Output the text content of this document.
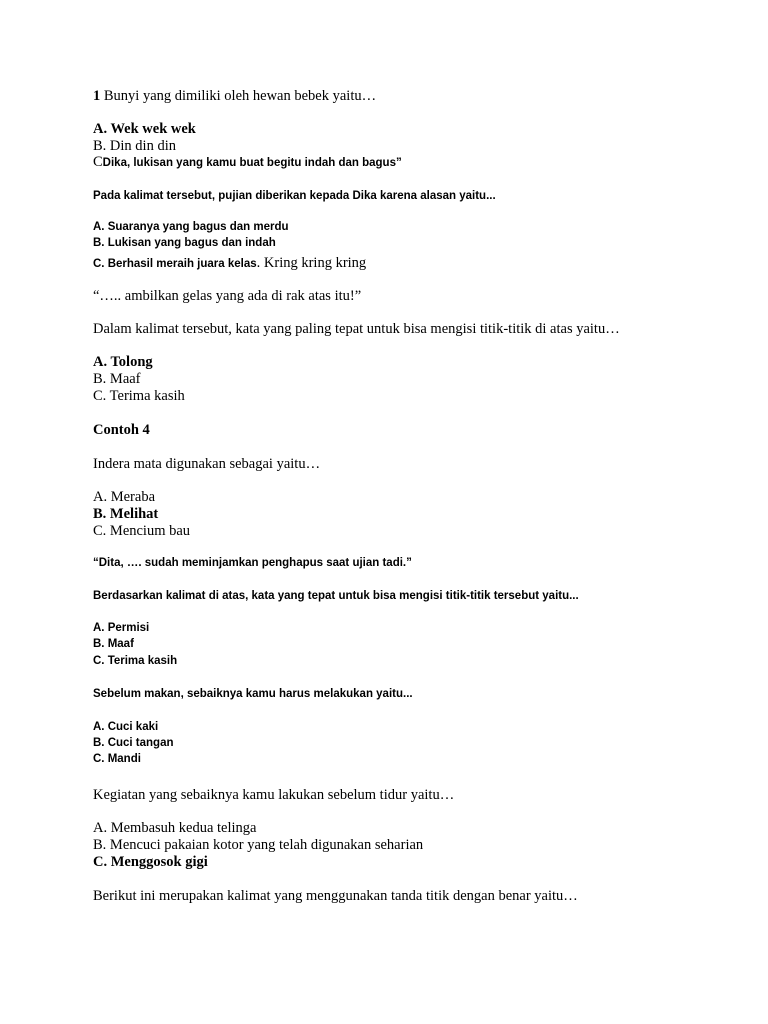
1 Bunyi yang dimiliki oleh hewan bebek yaitu…
A. Wek wek wek
B. Din din din
CDika, lukisan yang kamu buat begitu indah dan bagus”
Pada kalimat tersebut, pujian diberikan kepada Dika karena alasan yaitu...
A. Suaranya yang bagus dan merdu
B. Lukisan yang bagus dan indah
C. Berhasil meraih juara kelas. Kring kring kring
“….. ambilkan gelas yang ada di rak atas itu!”
Dalam kalimat tersebut, kata yang paling tepat untuk bisa mengisi titik-titik di atas yaitu…
A. Tolong
B. Maaf
C. Terima kasih
Contoh 4
Indera mata digunakan sebagai yaitu…
A. Meraba
B. Melihat
C. Mencium bau
“Dita, …. sudah meminjamkan penghapus saat ujian tadi.”
Berdasarkan kalimat di atas, kata yang tepat untuk bisa mengisi titik-titik tersebut yaitu...
A. Permisi
B. Maaf
C. Terima kasih
Sebelum makan, sebaiknya kamu harus melakukan yaitu...
A. Cuci kaki
B. Cuci tangan
C. Mandi
Kegiatan yang sebaiknya kamu lakukan sebelum tidur yaitu…
A. Membasuh kedua telinga
B. Mencuci pakaian kotor yang telah digunakan seharian
C. Menggosok gigi
Berikut ini merupakan kalimat yang menggunakan tanda titik dengan benar yaitu…
